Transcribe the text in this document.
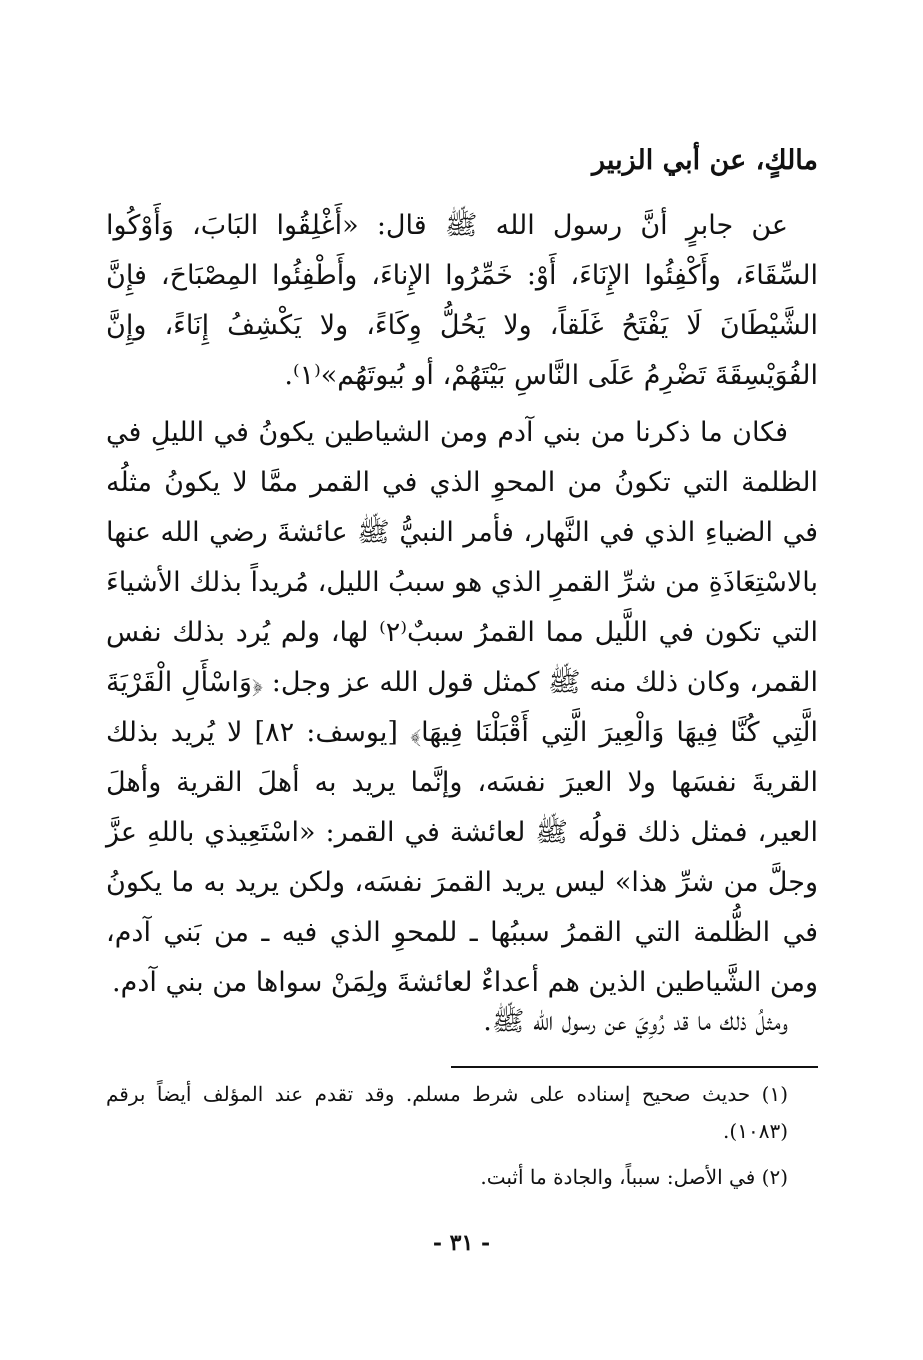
مالكٍ، عن أبي الزبير
عن جابرٍ أنَّ رسول الله ﷺ قال: «أَغْلِقُوا البَابَ، وَأَوْكُوا السِّقَاءَ، وأَكْفِئُوا الإِنَاءَ، أَوْ: خَمِّرُوا الإِناءَ، وأَطْفِئُوا المِصْبَاحَ، فإِنَّ الشَّيْطَانَ لَا يَفْتَحُ غَلَقاً، ولا يَحُلُّ وِكَاءً، ولا يَكْشِفُ إِنَاءً، وإِنَّ الفُوَيْسِقَةَ تَضْرِمُ عَلَى النَّاسِ بَيْتَهُمْ، أو بُيوتَهُم»⁽١⁾.
فكان ما ذكرنا من بني آدم ومن الشياطين يكونُ في الليلِ في الظلمة التي تكونُ من المحوِ الذي في القمر ممَّا لا يكونُ مثلُه في الضياءِ الذي في النَّهار، فأمر النبيُّ ﷺ عائشةَ رضي الله عنها بالاسْتِعَاذَةِ من شرِّ القمرِ الذي هو سببُ الليل، مُريداً بذلك الأشياءَ التي تكون في اللَّيل مما القمرُ سببٌ⁽٢⁾ لها، ولم يُرد بذلك نفس القمر، وكان ذلك منه ﷺ كمثل قول الله عز وجل: ﴿وَاسْأَلِ الْقَرْيَةَ الَّتِي كُنَّا فِيهَا وَالْعِيرَ الَّتِي أَقْبَلْنَا فِيهَا﴾ [يوسف: ٨٢] لا يُريد بذلك القريةَ نفسَها ولا العيرَ نفسَه، وإنَّما يريد به أهلَ القرية وأهلَ العير، فمثل ذلك قولُه ﷺ لعائشة في القمر: «اسْتَعِيذي باللهِ عزَّ وجلَّ من شرِّ هذا» ليس يريد القمرَ نفسَه، ولكن يريد به ما يكونُ في الظُّلمة التي القمرُ سببُها ـ للمحوِ الذي فيه ـ من بَني آدم، ومن الشَّياطين الذين هم أعداءٌ لعائشةَ ولِمَنْ سواها من بني آدم.
ومثلُ ذلك ما قد رُوِيَ عن رسول الله ﷺ.

(١) حديث صحيح إسناده على شرط مسلم. وقد تقدم عند المؤلف أيضاً برقم (١٠٨٣).

(٢) في الأصل: سبباً، والجادة ما أثبت.

- ٣١ -
